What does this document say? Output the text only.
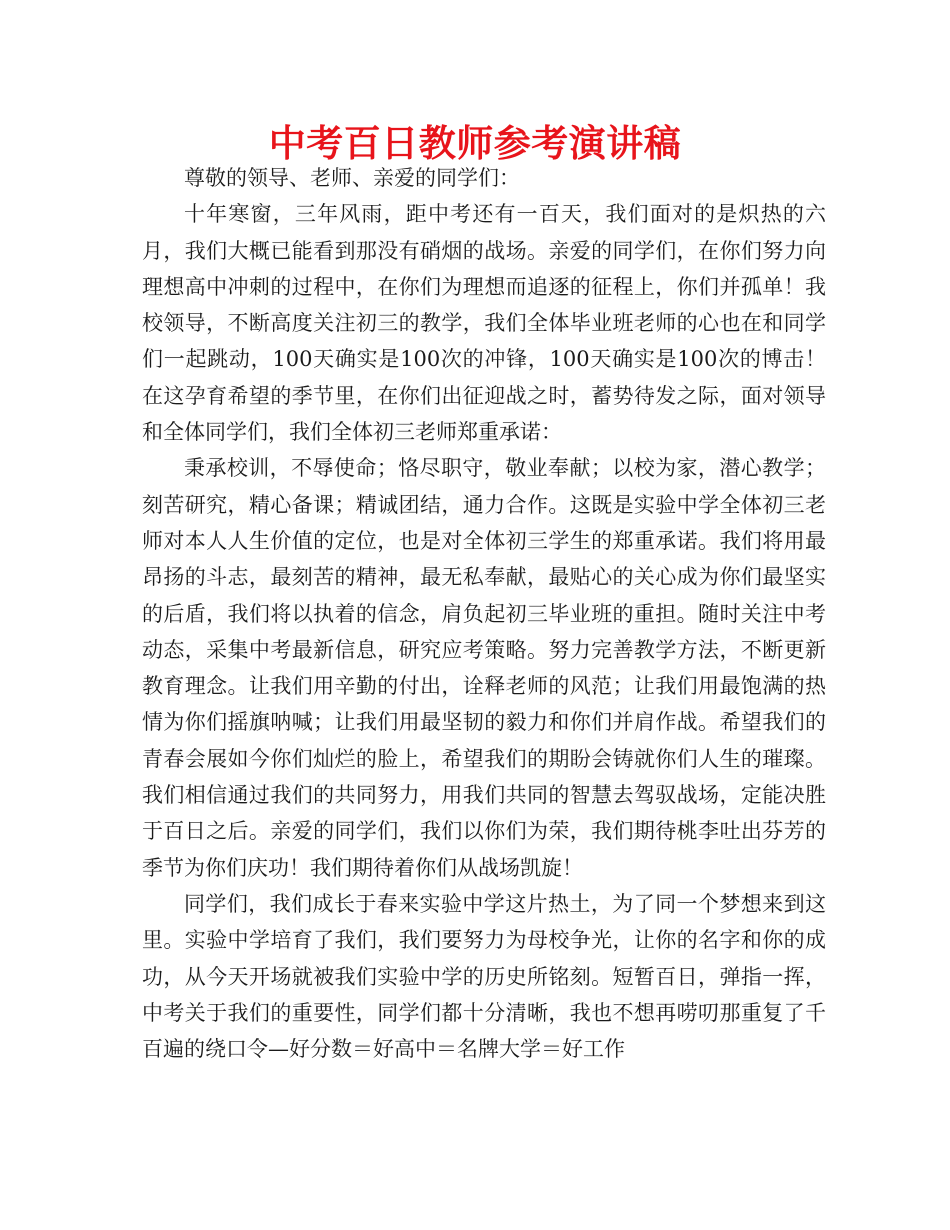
中考百日教师参考演讲稿

尊敬的领导、老师、亲爱的同学们：

十年寒窗，三年风雨，距中考还有一百天，我们面对的是炽热的六月，我们大概已能看到那没有硝烟的战场。亲爱的同学们，在你们努力向理想高中冲刺的过程中，在你们为理想而追逐的征程上，你们并孤单！我校领导，不断高度关注初三的教学，我们全体毕业班老师的心也在和同学们一起跳动，100天确实是100次的冲锋，100天确实是100次的博击！在这孕育希望的季节里，在你们出征迎战之时，蓄势待发之际，面对领导和全体同学们，我们全体初三老师郑重承诺：

秉承校训，不辱使命；恪尽职守，敬业奉献；以校为家，潜心教学；刻苦研究，精心备课；精诚团结，通力合作。这既是实验中学全体初三老师对本人人生价值的定位，也是对全体初三学生的郑重承诺。我们将用最昂扬的斗志，最刻苦的精神，最无私奉献，最贴心的关心成为你们最坚实的后盾，我们将以执着的信念，肩负起初三毕业班的重担。随时关注中考动态，采集中考最新信息，研究应考策略。努力完善教学方法，不断更新教育理念。让我们用辛勤的付出，诠释老师的风范；让我们用最饱满的热情为你们摇旗呐喊；让我们用最坚韧的毅力和你们并肩作战。希望我们的青春会展如今你们灿烂的脸上，希望我们的期盼会铸就你们人生的璀璨。我们相信通过我们的共同努力，用我们共同的智慧去驾驭战场，定能决胜于百日之后。亲爱的同学们，我们以你们为荣，我们期待桃李吐出芬芳的季节为你们庆功！我们期待着你们从战场凯旋！

同学们，我们成长于春来实验中学这片热土，为了同一个梦想来到这里。实验中学培育了我们，我们要努力为母校争光，让你的名字和你的成功，从今天开场就被我们实验中学的历史所铭刻。短暂百日，弹指一挥，中考关于我们的重要性，同学们都十分清晰，我也不想再唠叨那重复了千百遍的绕口令—好分数＝好高中＝名牌大学＝好工作
